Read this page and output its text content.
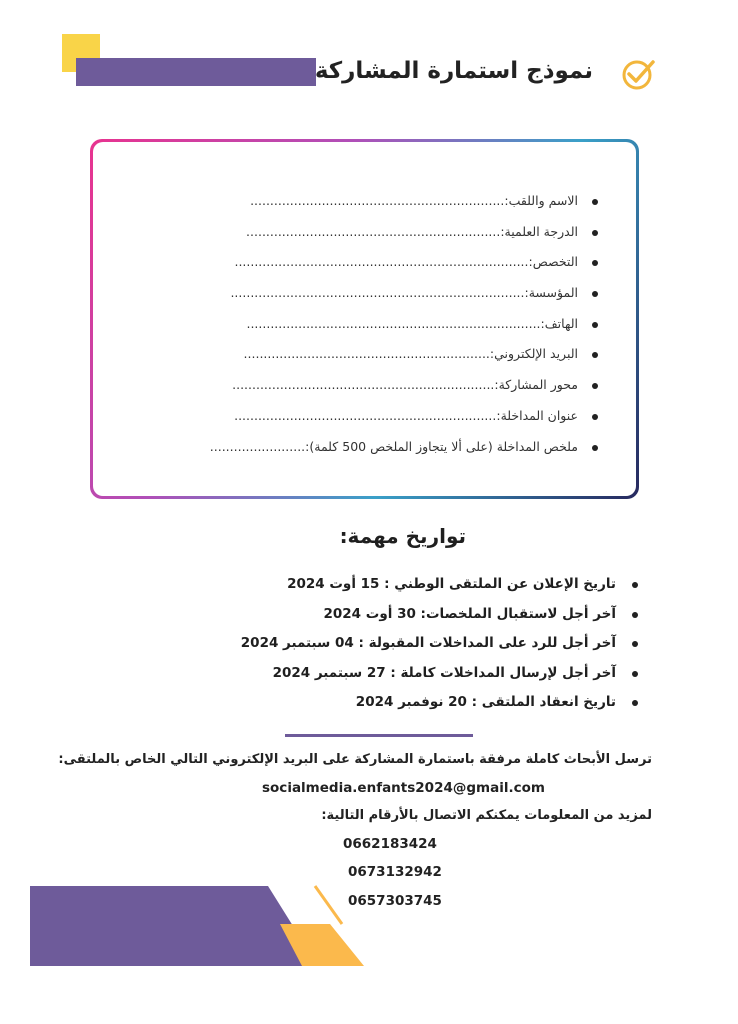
نموذج استمارة المشاركة
الاسم واللقب:................................................................
الدرجة العلمية:................................................................
التخصص:..........................................................................
المؤسسة:..........................................................................
الهاتف:..........................................................................
البريد الإلكتروني:..............................................................
محور المشاركة:..................................................................
عنوان المداخلة:..................................................................
ملخص المداخلة (على ألا يتجاوز الملخص 500 كلمة):........................
تواريخ مهمة:
تاريخ الإعلان عن الملتقى الوطني : 15 أوت 2024
آخر أجل لاستقبال الملخصات: 30 أوت 2024
آخر أجل للرد على المداخلات المقبولة : 04 سبتمبر 2024
آخر أجل لإرسال المداخلات كاملة : 27 سبتمبر 2024
تاريخ انعقاد الملتقى : 20 نوفمبر 2024
ترسل الأبحاث كاملة مرفقة باستمارة المشاركة على البريد الإلكتروني التالي الخاص بالملتقى:
socialmedia.enfants2024@gmail.com
لمزيد من المعلومات يمكنكم الاتصال بالأرقام التالية:
0662183424
0673132942
0657303745
